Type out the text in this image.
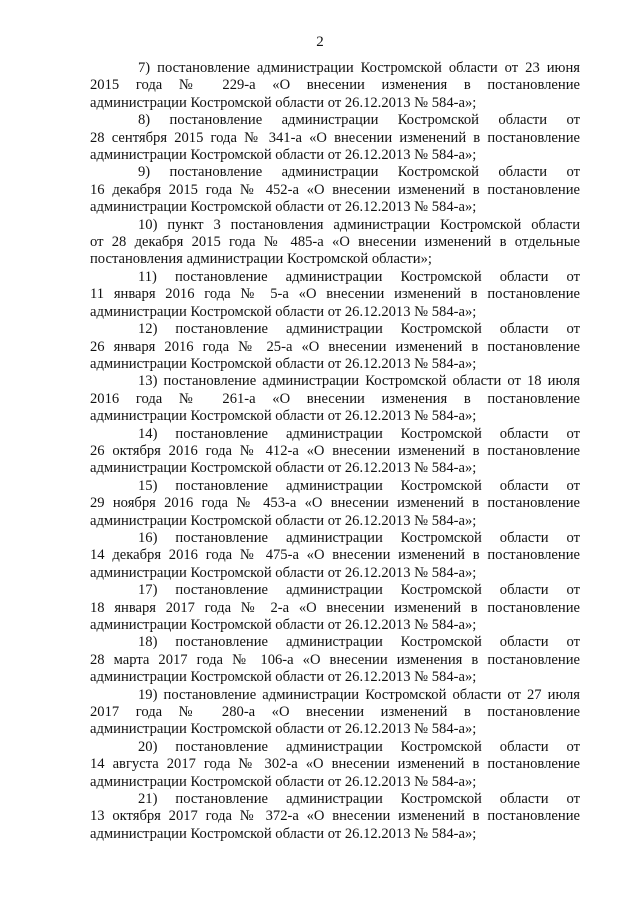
2
7) постановление администрации Костромской области от 23 июня
2015 года № 229-а «О внесении изменения в постановление
администрации Костромской области от 26.12.2013 № 584-а»;
8) постановление администрации Костромской области от
28 сентября 2015 года № 341-а «О внесении изменений в постановление
администрации Костромской области от 26.12.2013 № 584-а»;
9) постановление администрации Костромской области от
16 декабря 2015 года № 452-а «О внесении изменений в постановление
администрации Костромской области от 26.12.2013 № 584-а»;
10) пункт 3 постановления администрации Костромской области
от 28 декабря 2015 года № 485-а «О внесении изменений в отдельные
постановления администрации Костромской области»;
11) постановление администрации Костромской области от
11 января 2016 года № 5-а «О внесении изменений в постановление
администрации Костромской области от 26.12.2013 № 584-а»;
12) постановление администрации Костромской области от
26 января 2016 года № 25-а «О внесении изменений в постановление
администрации Костромской области от 26.12.2013 № 584-а»;
13) постановление администрации Костромской области от 18 июля
2016 года № 261-а «О внесении изменения в постановление
администрации Костромской области от 26.12.2013 № 584-а»;
14) постановление администрации Костромской области от
26 октября 2016 года № 412-а «О внесении изменений в постановление
администрации Костромской области от 26.12.2013 № 584-а»;
15) постановление администрации Костромской области от
29 ноября 2016 года № 453-а «О внесении изменений в постановление
администрации Костромской области от 26.12.2013 № 584-а»;
16) постановление администрации Костромской области от
14 декабря 2016 года № 475-а «О внесении изменений в постановление
администрации Костромской области от 26.12.2013 № 584-а»;
17) постановление администрации Костромской области от
18 января 2017 года № 2-а «О внесении изменений в постановление
администрации Костромской области от 26.12.2013 № 584-а»;
18) постановление администрации Костромской области от
28 марта 2017 года № 106-а «О внесении изменения в постановление
администрации Костромской области от 26.12.2013 № 584-а»;
19) постановление администрации Костромской области от 27 июля
2017 года № 280-а «О внесении изменений в постановление
администрации Костромской области от 26.12.2013 № 584-а»;
20) постановление администрации Костромской области от
14 августа 2017 года № 302-а «О внесении изменений в постановление
администрации Костромской области от 26.12.2013 № 584-а»;
21) постановление администрации Костромской области от
13 октября 2017 года № 372-а «О внесении изменений в постановление
администрации Костромской области от 26.12.2013 № 584-а»;
